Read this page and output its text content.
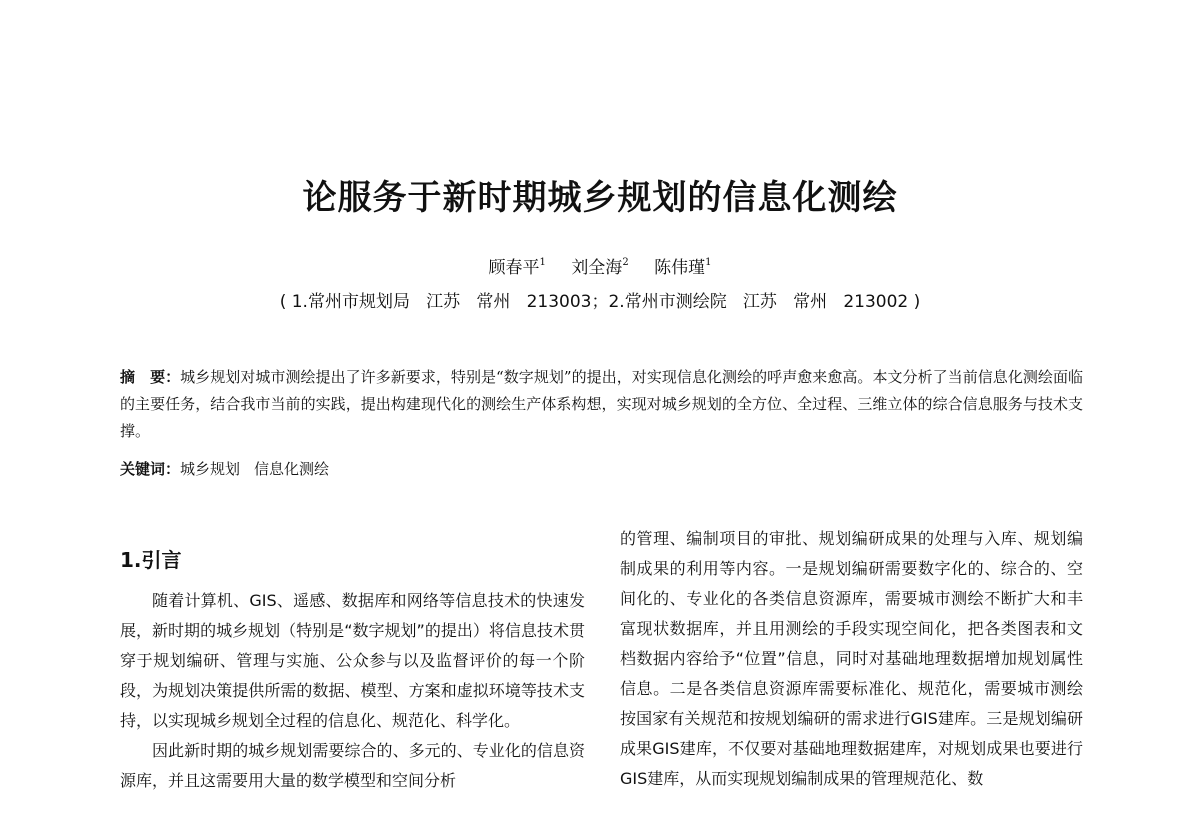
论服务于新时期城乡规划的信息化测绘
顾春平$^1$ 刘全海$^2$ 陈伟瑾$^1$
( 1.常州市规划局   江苏   常州   213003；2.常州市测绘院   江苏   常州   213002 )
摘　要：城乡规划对城市测绘提出了许多新要求，特别是“数字规划”的提出，对实现信息化测绘的呼声愈来愈高。本文分析了当前信息化测绘面临的主要任务，结合我市当前的实践，提出构建现代化的测绘生产体系构想，实现对城乡规划的全方位、全过程、三维立体的综合信息服务与技术支撑。
关键词：城乡规划 信息化测绘
1.引言

随着计算机、GIS、遥感、数据库和网络等信息技术的快速发展，新时期的城乡规划（特别是“数字规划”的提出）将信息技术贯穿于规划编研、管理与实施、公众参与以及监督评价的每一个阶段，为规划决策提供所需的数据、模型、方案和虚拟环境等技术支持，以实现城乡规划全过程的信息化、规范化、科学化。

因此新时期的城乡规划需要综合的、多元的、专业化的信息资源库，并且这需要用大量的数学模型和空间分析

的管理、编制项目的审批、规划编研成果的处理与入库、规划编制成果的利用等内容。一是规划编研需要数字化的、综合的、空间化的、专业化的各类信息资源库，需要城市测绘不断扩大和丰富现状数据库，并且用测绘的手段实现空间化，把各类图表和文档数据内容给予“位置”信息，同时对基础地理数据增加规划属性信息。二是各类信息资源库需要标准化、规范化，需要城市测绘按国家有关规范和按规划编研的需求进行GIS建库。三是规划编研成果GIS建库，不仅要对基础地理数据建库，对规划成果也要进行GIS建库，从而实现规划编制成果的管理规范化、数
